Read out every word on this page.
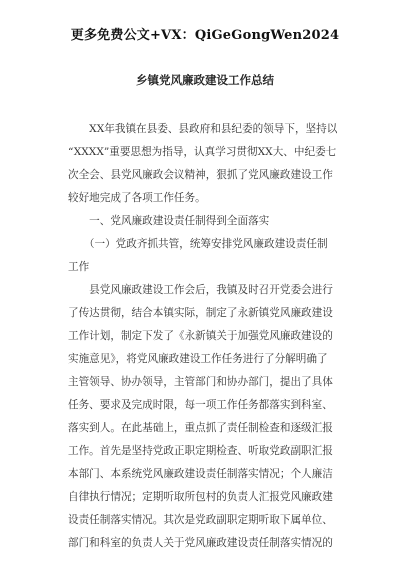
更多免费公文+VX：QiGeGongWen2024
乡镇党风廉政建设工作总结
　　XX年我镇在县委、县政府和县纪委的领导下，坚持以
“XXXX”重要思想为指导，认真学习贯彻XX大、中纪委七
次全会、县党风廉政会议精神，狠抓了党风廉政建设工作
较好地完成了各项工作任务。
　　一、党风廉政建设责任制得到全面落实
　　（一）党政齐抓共管，统筹安排党风廉政建设责任制
工作
　　县党风廉政建设工作会后，我镇及时召开党委会进行
了传达贯彻，结合本镇实际，制定了永新镇党风廉政建设
工作计划，制定下发了《永新镇关于加强党风廉政建设的
实施意见》，将党风廉政建设工作任务进行了分解明确了
主管领导、协办领导，主管部门和协办部门，提出了具体
任务、要求及完成时限，每一项工作任务都落实到科室、
落实到人。在此基础上，重点抓了责任制检查和逐级汇报
工作。首先是坚持党政正职定期检查、听取党政副职汇报
本部门、本系统党风廉政建设责任制落实情况；个人廉洁
自律执行情况；定期听取所包村的负责人汇报党风廉政建
设责任制落实情况。其次是党政副职定期听取下属单位、
部门和科室的负责人关于党风廉政建设责任制落实情况的
